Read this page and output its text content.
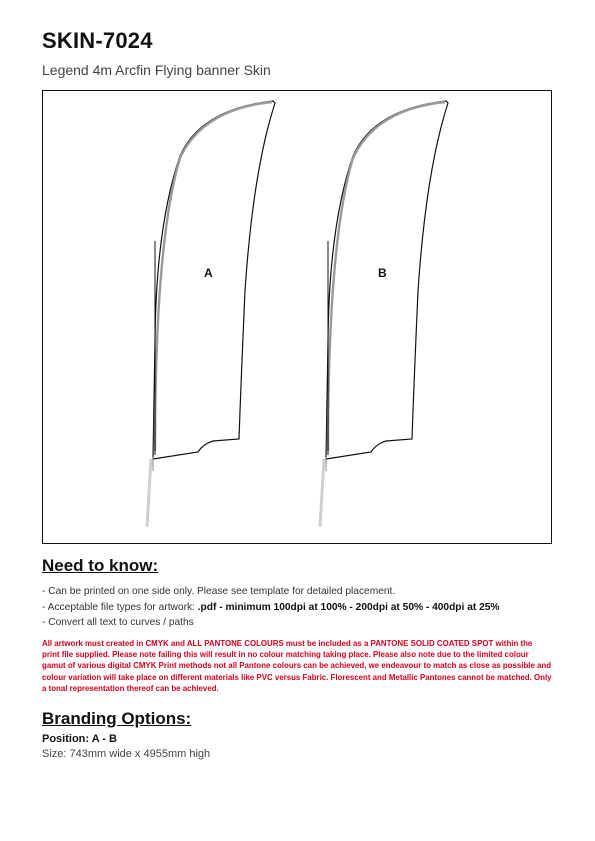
SKIN-7024
Legend 4m Arcfin Flying banner Skin
A	B
Need to know:
- Can be printed on one side only. Please see template for detailed placement.
- Acceptable file types for artwork: .pdf - minimum 100dpi at 100% - 200dpi at 50% - 400dpi at 25%
- Convert all text to curves / paths
All artwork must created in CMYK and ALL PANTONE COLOURS must be included as a PANTONE SOLID COATED SPOT within the print file supplied. Please note failing this will result in no colour matching taking place. Please also note due to the limited colour gamut of various digital CMYK Print methods not all Pantone colours can be achieved, we endeavour to match as close as possible and colour variation will take place on different materials like PVC versus Fabric. Florescent and Metallic Pantones cannot be matched. Only a tonal representation thereof can be achieved.
Branding Options:
Position: A - B
Size: 743mm wide x 4955mm high
